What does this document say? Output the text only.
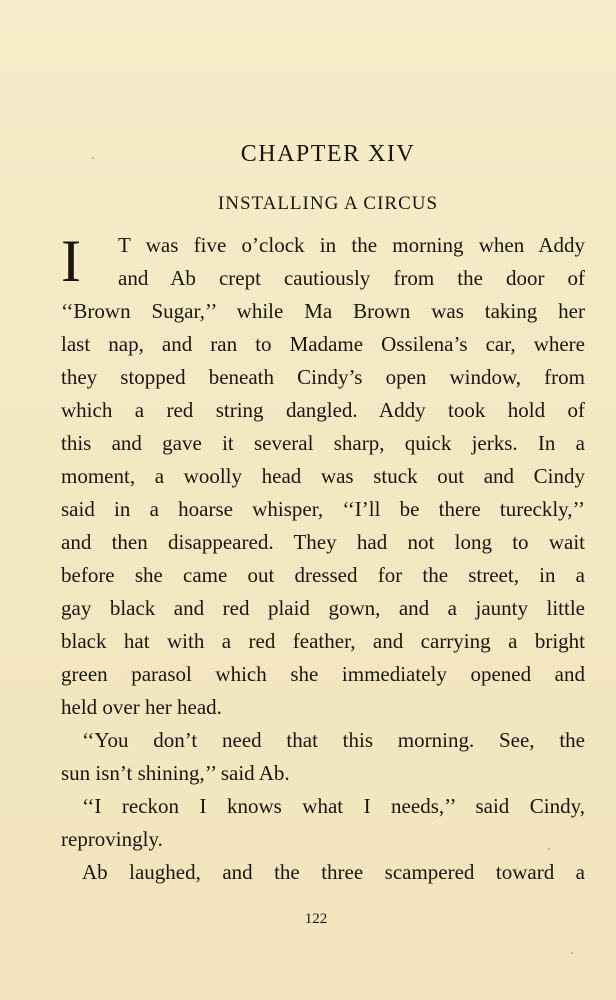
CHAPTER XIV
INSTALLING A CIRCUS
I T was five o’clock in the morning when Addy
and Ab crept cautiously from the door of
‘‘Brown Sugar,’’ while Ma Brown was taking her
last nap, and ran to Madame Ossilena’s car, where
they stopped beneath Cindy’s open window, from
which a red string dangled. Addy took hold of
this and gave it several sharp, quick jerks. In a
moment, a woolly head was stuck out and Cindy
said in a hoarse whisper, ‘‘I’ll be there tureckly,’’
and then disappeared. They had not long to wait
before she came out dressed for the street, in a
gay black and red plaid gown, and a jaunty little
black hat with a red feather, and carrying a bright
green parasol which she immediately opened and
held over her head.
‘‘You don’t need that this morning. See, the
sun isn’t shining,’’ said Ab.
‘‘I reckon I knows what I needs,’’ said Cindy,
reprovingly.
Ab laughed, and the three scampered toward a
122
